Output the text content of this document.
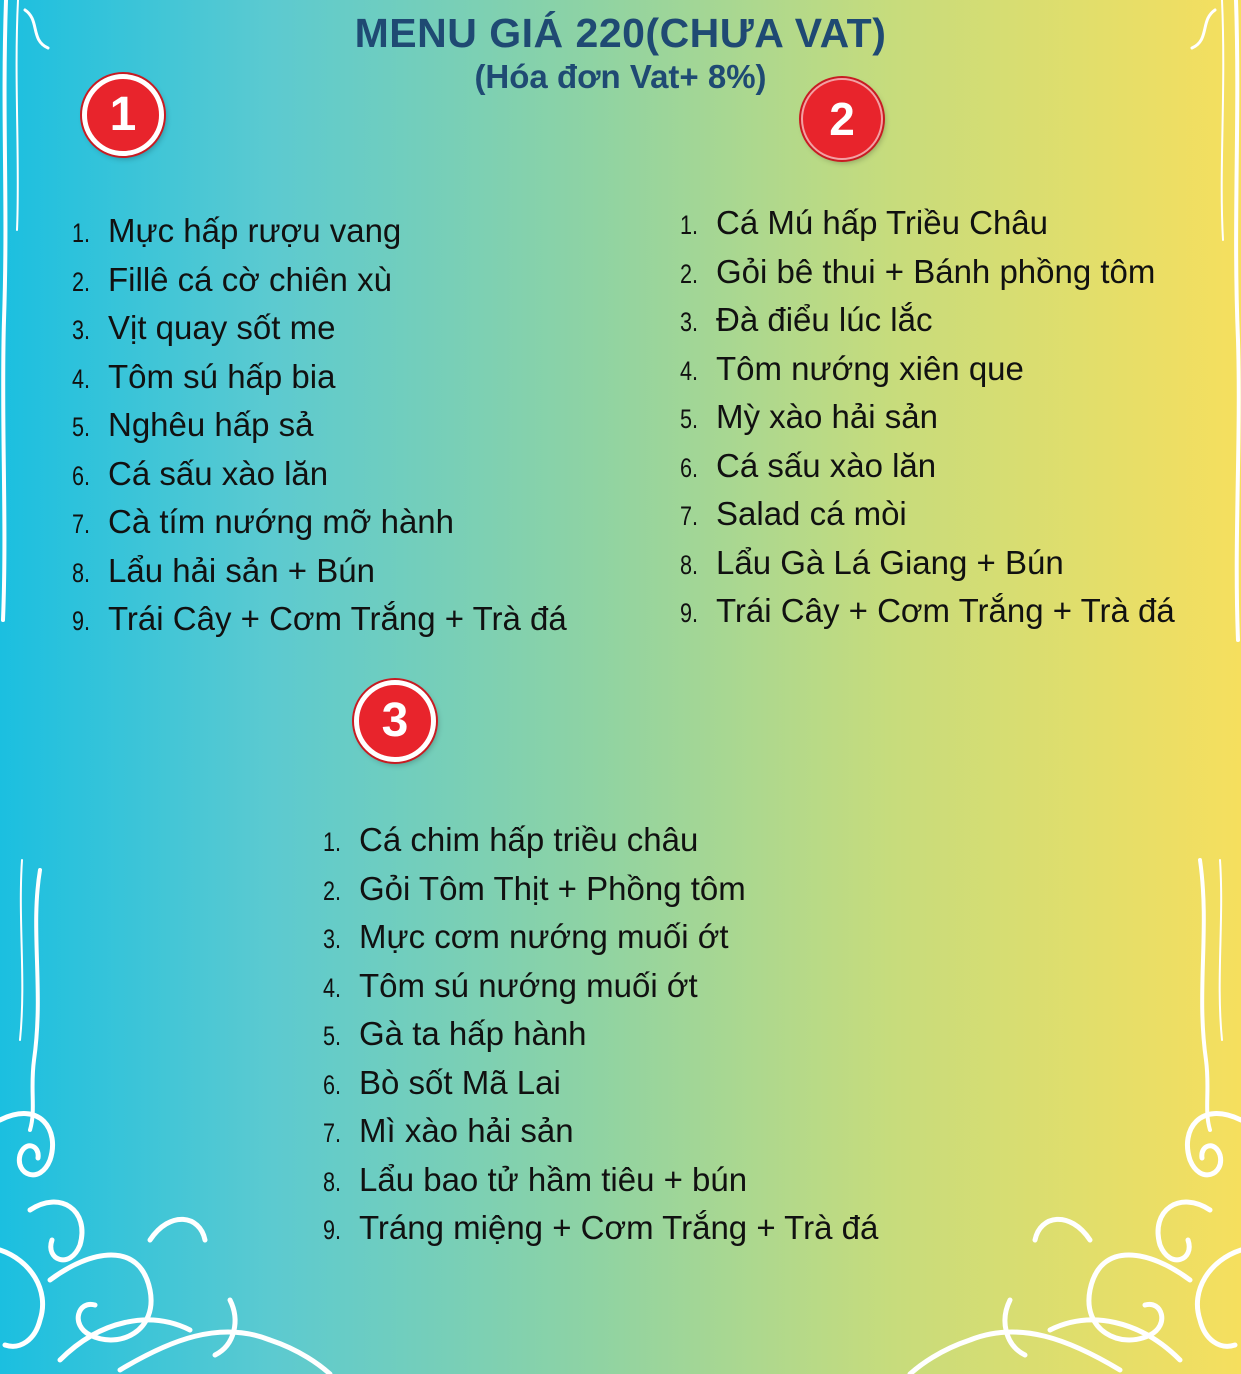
MENU GIÁ 220(CHƯA VAT)
(Hóa đơn Vat+ 8%)
1
1. Mực hấp rượu vang
2. Fillê cá cờ chiên xù
3. Vịt quay sốt me
4. Tôm sú hấp bia
5. Nghêu hấp sả
6. Cá sấu xào lăn
7. Cà tím nướng mỡ hành
8. Lẩu hải sản + Bún
9. Trái Cây + Cơm Trắng + Trà đá
2
1. Cá Mú hấp Triều Châu
2. Gỏi bê thui + Bánh phồng tôm
3. Đà điểu lúc lắc
4. Tôm nướng xiên que
5. Mỳ xào hải sản
6. Cá sấu xào lăn
7. Salad cá mòi
8. Lẩu Gà Lá Giang + Bún
9. Trái Cây + Cơm Trắng + Trà đá
3
1. Cá chim hấp triều châu
2. Gỏi Tôm Thịt + Phồng tôm
3. Mực cơm nướng muối ớt
4. Tôm sú nướng muối ớt
5. Gà ta hấp hành
6. Bò sốt Mã Lai
7. Mì xào hải sản
8. Lẩu bao tử hầm tiêu + bún
9. Tráng miệng + Cơm Trắng + Trà đá
